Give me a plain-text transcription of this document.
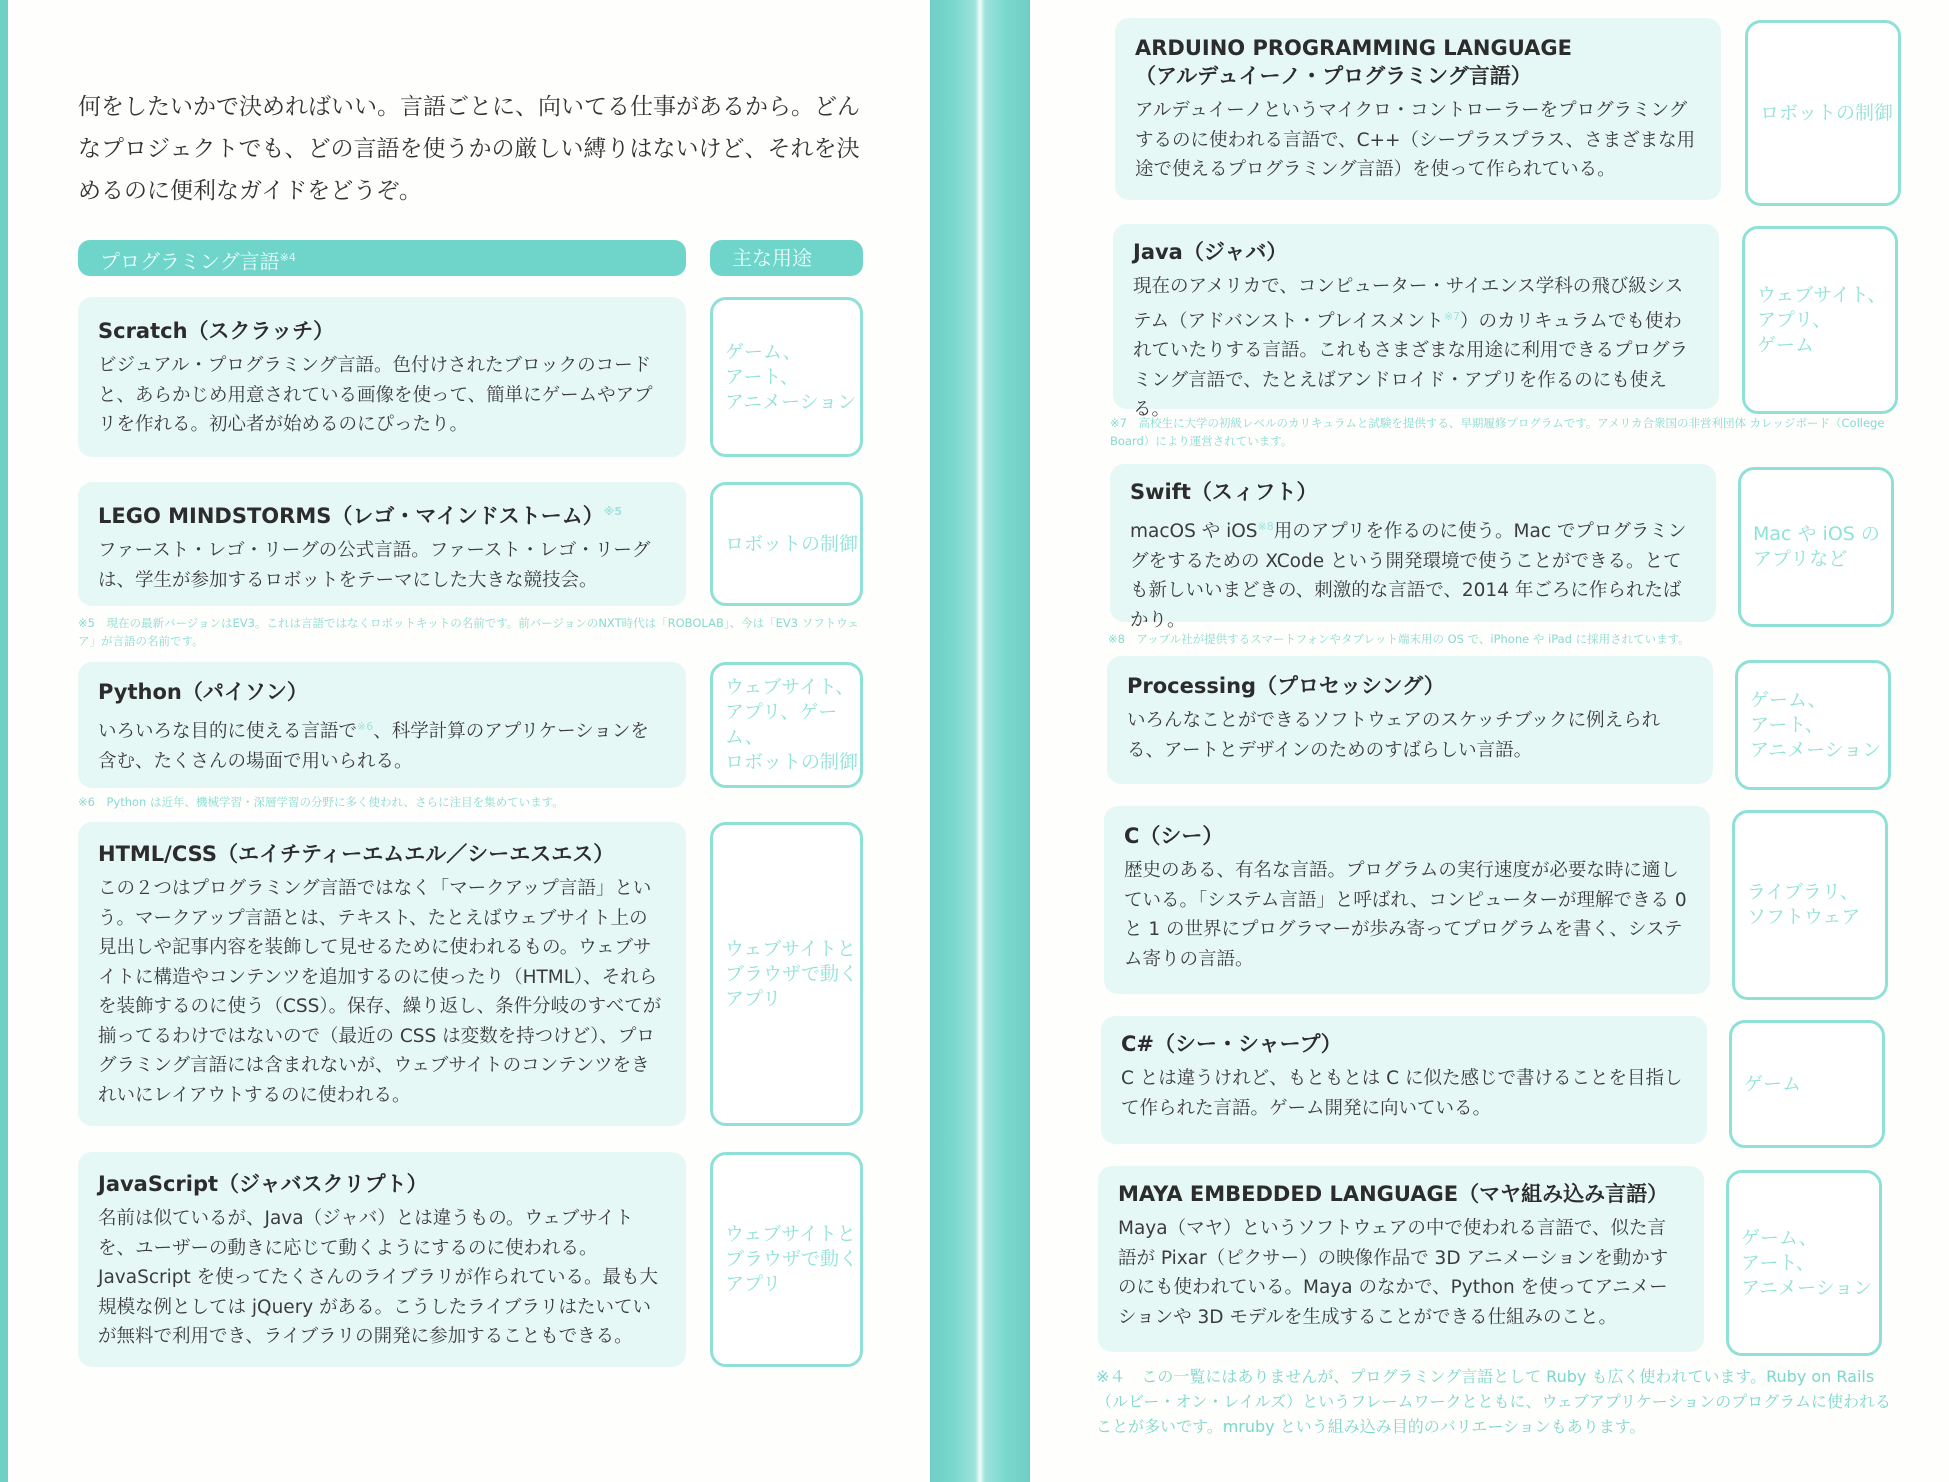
何をしたいかで決めればいい。言語ごとに、向いてる仕事があるから。どんなプロジェクトでも、どの言語を使うかの厳しい縛りはないけど、それを決めるのに便利なガイドをどうぞ。
プログラミング言語$^{※4}$	主な用途
Scratch（スクラッチ）

ビジュアル・プログラミング言語。色付けされたブロックのコードと、あらかじめ用意されている画像を使って、簡単にゲームやアプリを作れる。初心者が始めるのにぴったり。

ゲーム、
アート、
アニメーション
LEGO MINDSTORMS（レゴ・マインドストーム）$^{※5}$

ファースト・レゴ・リーグの公式言語。ファースト・レゴ・リーグは、学生が参加するロボットをテーマにした大きな競技会。

ロボットの制御
※5　現在の最新バージョンはEV3。これは言語ではなくロボットキットの名前です。前バージョンのNXT時代は「ROBOLAB」、今は「EV3 ソフトウェア」が言語の名前です。
Python（パイソン）

いろいろな目的に使える言語で$^{※6}$、科学計算のアプリケーションを含む、たくさんの場面で用いられる。

ウェブサイト、
アプリ、ゲーム、
ロボットの制御
※6　Python は近年、機械学習・深層学習の分野に多く使われ、さらに注目を集めています。
HTML/CSS（エイチティーエムエル／シーエスエス）

この２つはプログラミング言語ではなく「マークアップ言語」という。マークアップ言語とは、テキスト、たとえばウェブサイト上の見出しや記事内容を装飾して見せるために使われるもの。ウェブサイトに構造やコンテンツを追加するのに使ったり（HTML）、それらを装飾するのに使う（CSS）。保存、繰り返し、条件分岐のすべてが揃ってるわけではないので（最近の CSS は変数を持つけど）、プログラミング言語には含まれないが、ウェブサイトのコンテンツをきれいにレイアウトするのに使われる。

ウェブサイトと
ブラウザで動く
アプリ
JavaScript（ジャバスクリプト）

名前は似ているが、Java（ジャバ）とは違うもの。ウェブサイトを、ユーザーの動きに応じて動くようにするのに使われる。JavaScript を使ってたくさんのライブラリが作られている。最も大規模な例としては jQuery がある。こうしたライブラリはたいていが無料で利用でき、ライブラリの開発に参加することもできる。

ウェブサイトと
ブラウザで動く
アプリ
ARDUINO PROGRAMMING LANGUAGE
（アルデュイーノ・プログラミング言語）

アルデュイーノというマイクロ・コントローラーをプログラミングするのに使われる言語で、C++（シープラスプラス、さまざまな用途で使えるプログラミング言語）を使って作られている。

ロボットの制御
Java（ジャバ）

現在のアメリカで、コンピューター・サイエンス学科の飛び級システム（アドバンスト・プレイスメント$^{※7}$）のカリキュラムでも使われていたりする言語。これもさまざまな用途に利用できるプログラミング言語で、たとえばアンドロイド・アプリを作るのにも使える。

ウェブサイト、
アプリ、
ゲーム
※7　高校生に大学の初級レベルのカリキュラムと試験を提供する、早期履修プログラムです。アメリカ合衆国の非営利団体 カレッジボード（College Board）により運営されています。
Swift（スィフト）

macOS や iOS$^{※8}$用のアプリを作るのに使う。Mac でプログラミングをするための XCode という開発環境で使うことができる。とても新しいいまどきの、刺激的な言語で、2014 年ごろに作られたばかり。

Mac や iOS の
アプリなど
※8　アップル社が提供するスマートフォンやタブレット端末用の OS で、iPhone や iPad に採用されています。
Processing（プロセッシング）

いろんなことができるソフトウェアのスケッチブックに例えられる、アートとデザインのためのすばらしい言語。

ゲーム、
アート、
アニメーション
C（シー）

歴史のある、有名な言語。プログラムの実行速度が必要な時に適している。「システム言語」と呼ばれ、コンピューターが理解できる 0 と 1 の世界にプログラマーが歩み寄ってプログラムを書く、システム寄りの言語。

ライブラリ、
ソフトウェア
C#（シー・シャープ）

C とは違うけれど、もともとは C に似た感じで書けることを目指して作られた言語。ゲーム開発に向いている。

ゲーム
MAYA EMBEDDED LANGUAGE（マヤ組み込み言語）

Maya（マヤ）というソフトウェアの中で使われる言語で、似た言語が Pixar（ピクサー）の映像作品で 3D アニメーションを動かすのにも使われている。Maya のなかで、Python を使ってアニメーションや 3D モデルを生成することができる仕組みのこと。

ゲーム、
アート、
アニメーション
※４　この一覧にはありませんが、プログラミング言語として Ruby も広く使われています。Ruby on Rails（ルビー・オン・レイルズ）というフレームワークとともに、ウェブアプリケーションのプログラムに使われることが多いです。mruby という組み込み目的のバリエーションもあります。
